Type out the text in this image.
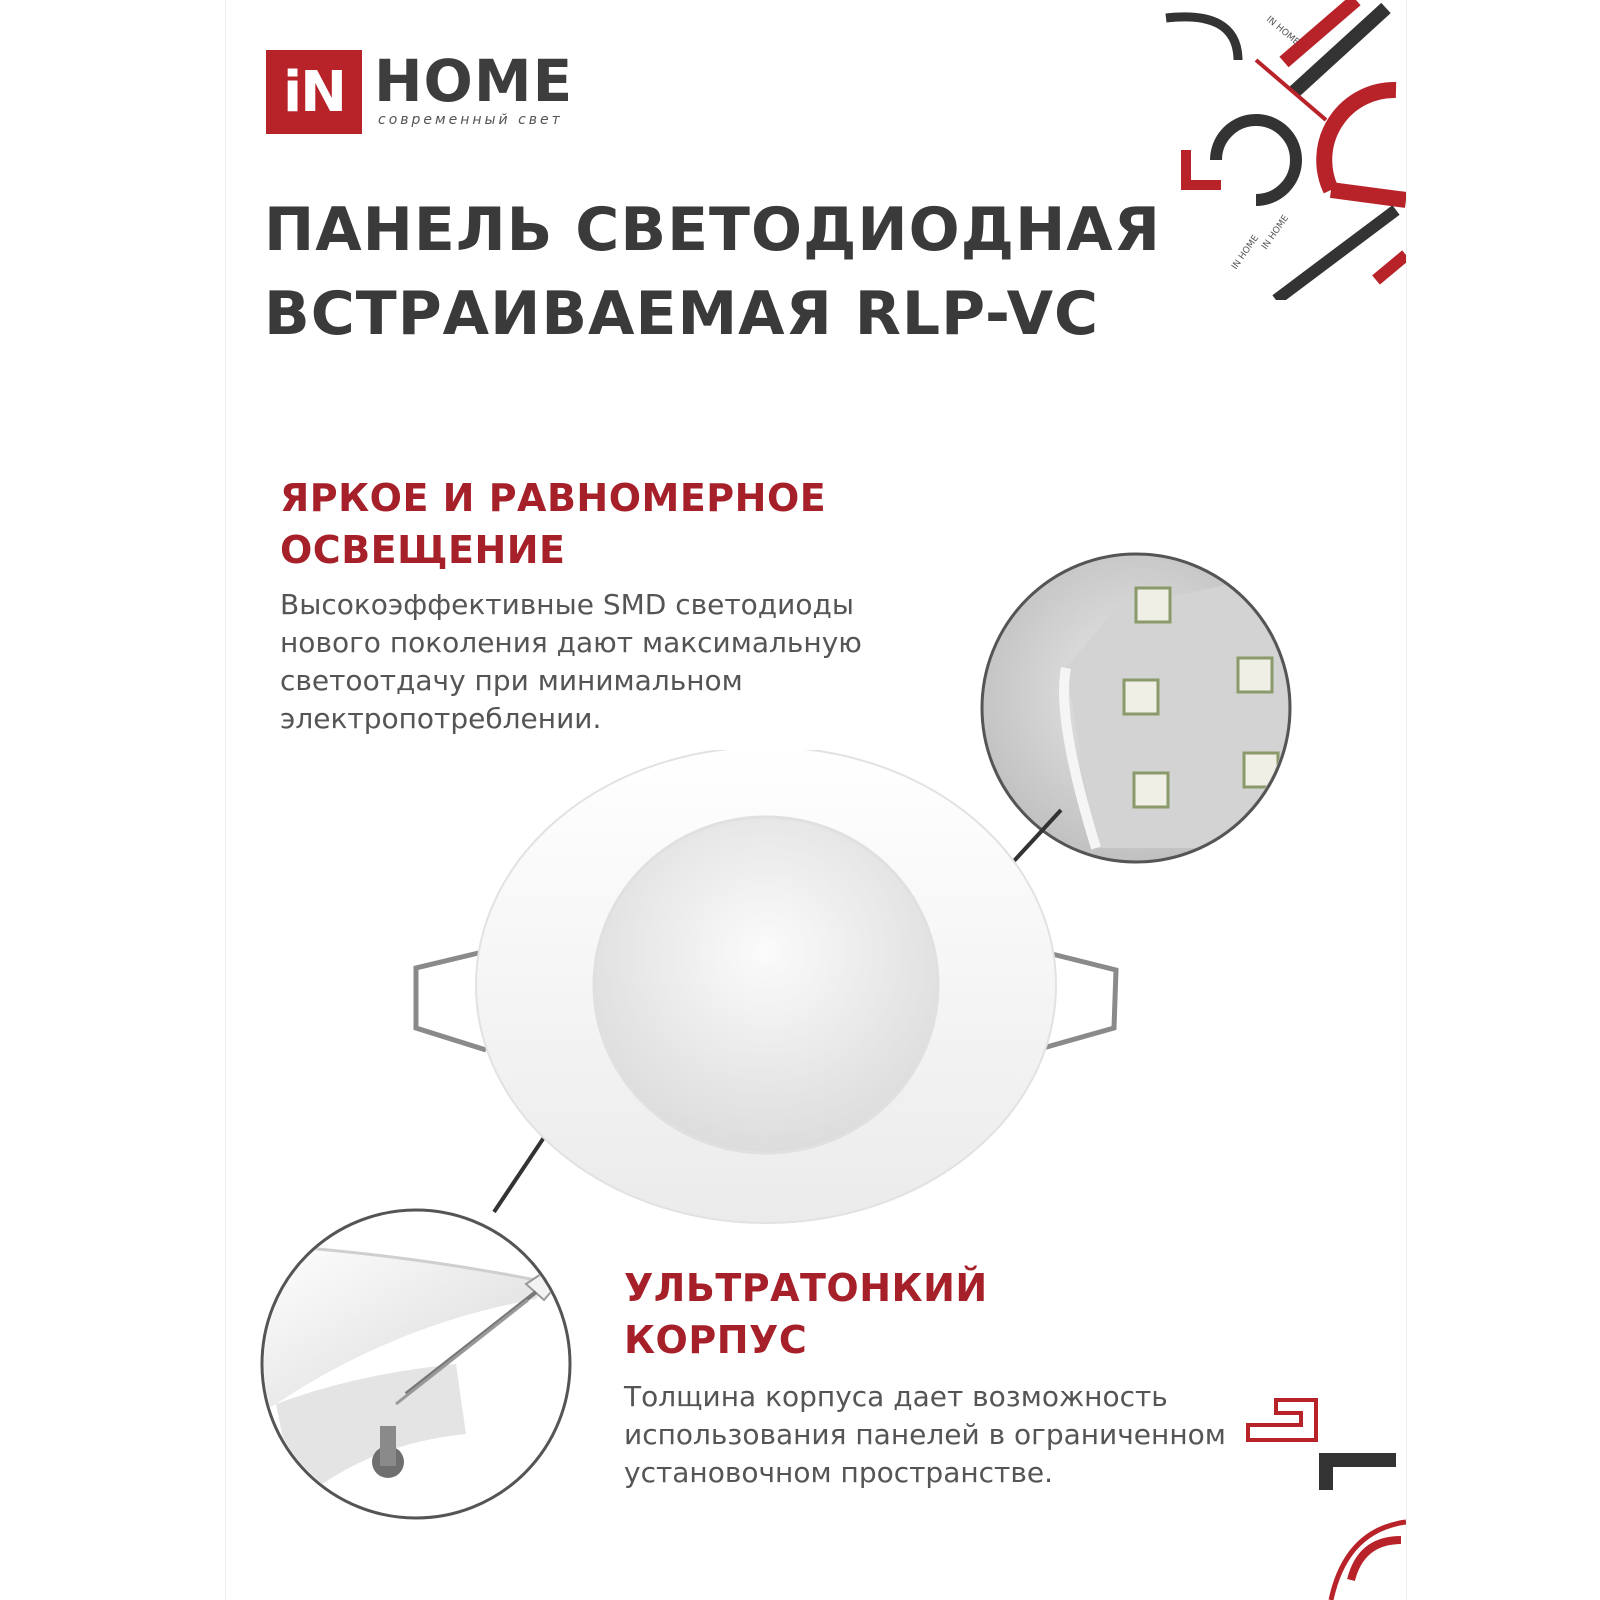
iN HOME
современный свет
IN HOME
IN HOME
IN HOME
ПАНЕЛЬ СВЕТОДИОДНАЯ
ВСТРАИВАЕМАЯ RLP-VC
ЯРКОЕ И РАВНОМЕРНОЕ
ОСВЕЩЕНИЕ
Высокоэффективные SMD светодиоды
нового поколения дают максимальную
светоотдачу при минимальном
электропотреблении.
УЛЬТРАТОНКИЙ
КОРПУС
Толщина корпуса дает возможность
использования панелей в ограниченном
установочном пространстве.
